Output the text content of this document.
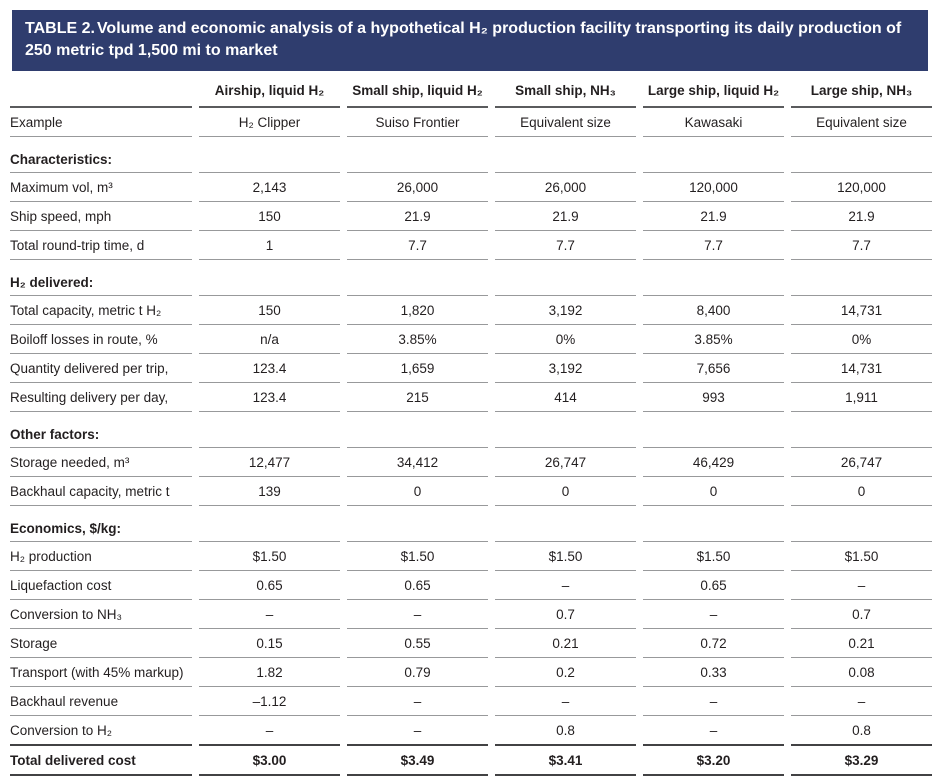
TABLE 2. Volume and economic analysis of a hypothetical H₂ production facility transporting its daily production of 250 metric tpd 1,500 mi to market
	Airship, liquid H₂	Small ship, liquid H₂	Small ship, NH₃	Large ship, liquid H₂	Large ship, NH₃
Example	H₂ Clipper	Suiso Frontier	Equivalent size	Kawasaki	Equivalent size
Characteristics:					
Maximum vol, m³	2,143	26,000	26,000	120,000	120,000
Ship speed, mph	150	21.9	21.9	21.9	21.9
Total round-trip time, d	1	7.7	7.7	7.7	7.7
H₂ delivered:					
Total capacity, metric t H₂	150	1,820	3,192	8,400	14,731
Boiloff losses in route, %	n/a	3.85%	0%	3.85%	0%
Quantity delivered per trip,	123.4	1,659	3,192	7,656	14,731
Resulting delivery per day,	123.4	215	414	993	1,911
Other factors:					
Storage needed, m³	12,477	34,412	26,747	46,429	26,747
Backhaul capacity, metric t	139	0	0	0	0
Economics, $/kg:					
H₂ production	$1.50	$1.50	$1.50	$1.50	$1.50
Liquefaction cost	0.65	0.65	–	0.65	–
Conversion to NH₃	–	–	0.7	–	0.7
Storage	0.15	0.55	0.21	0.72	0.21
Transport (with 45% markup)	1.82	0.79	0.2	0.33	0.08
Backhaul revenue	–1.12	–	–	–	–
Conversion to H₂	–	–	0.8	–	0.8
Total delivered cost	$3.00	$3.49	$3.41	$3.20	$3.29
